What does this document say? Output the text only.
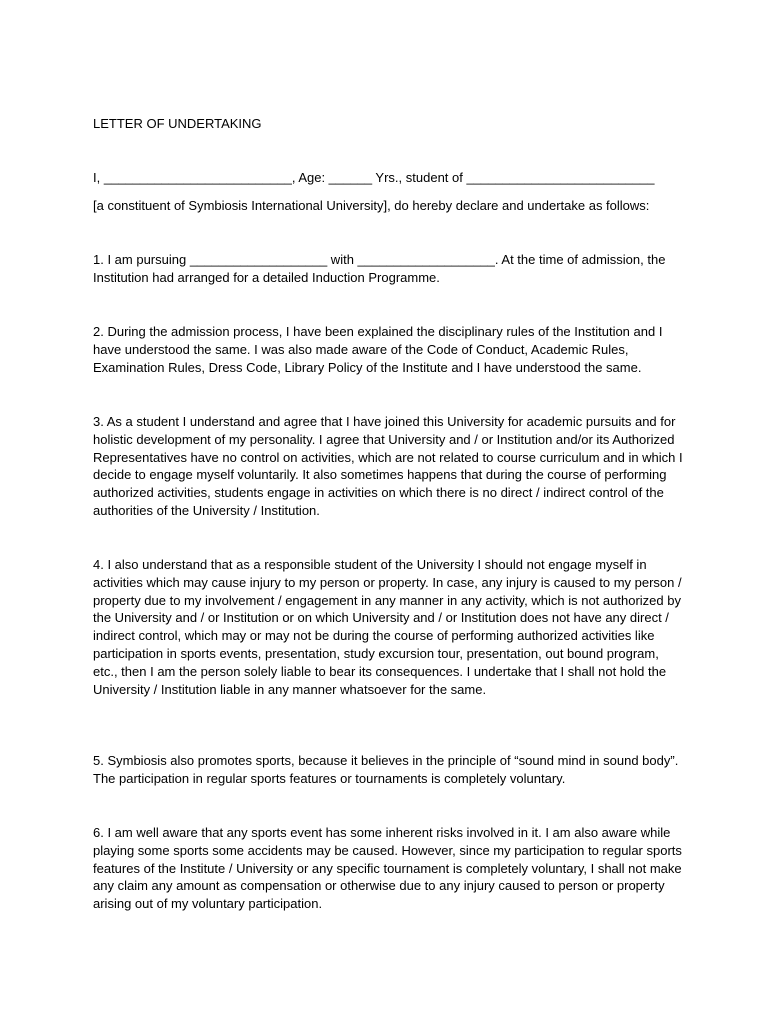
LETTER OF UNDERTAKING

I, __________________________, Age: ______ Yrs., student of __________________________

[a constituent of Symbiosis International University], do hereby declare and undertake as follows:

1. I am pursuing ___________________ with ___________________. At the time of admission, the Institution had arranged for a detailed Induction Programme.

2. During the admission process, I have been explained the disciplinary rules of the Institution and I have understood the same. I was also made aware of the Code of Conduct, Academic Rules, Examination Rules, Dress Code, Library Policy of the Institute and I have understood the same.

3. As a student I understand and agree that I have joined this University for academic pursuits and for holistic development of my personality. I agree that University and / or Institution and/or its Authorized Representatives have no control on activities, which are not related to course curriculum and in which I decide to engage myself voluntarily. It also sometimes happens that during the course of performing authorized activities, students engage in activities on which there is no direct / indirect control of the authorities of the University / Institution.

4. I also understand that as a responsible student of the University I should not engage myself in activities which may cause injury to my person or property. In case, any injury is caused to my person / property due to my involvement / engagement in any manner in any activity, which is not authorized by the University and / or Institution or on which University and / or Institution does not have any direct / indirect control, which may or may not be during the course of performing authorized activities like participation in sports events, presentation, study excursion tour, presentation, out bound program, etc., then I am the person solely liable to bear its consequences. I undertake that I shall not hold the University / Institution liable in any manner whatsoever for the same.

5. Symbiosis also promotes sports, because it believes in the principle of “sound mind in sound body”. The participation in regular sports features or tournaments is completely voluntary.

6. I am well aware that any sports event has some inherent risks involved in it. I am also aware while playing some sports some accidents may be caused. However, since my participation to regular sports features of the Institute / University or any specific tournament is completely voluntary, I shall not make any claim any amount as compensation or otherwise due to any injury caused to person or property arising out of my voluntary participation.
